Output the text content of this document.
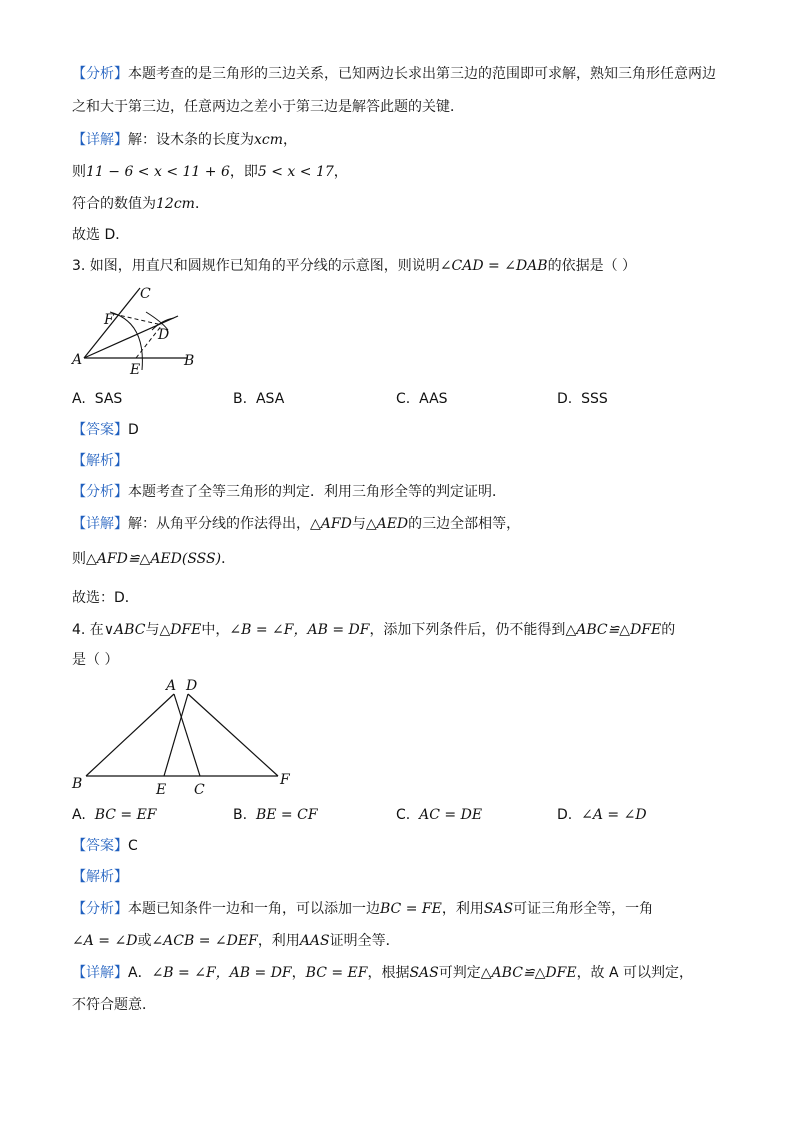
【分析】本题考查的是三角形的三边关系，已知两边长求出第三边的范围即可求解，熟知三角形任意两边
之和大于第三边，任意两边之差小于第三边是解答此题的关键．
【详解】解：设木条的长度为xcm，
则11 − 6 < x < 11 + 6，即5 < x < 17，
符合的数值为12cm．
故选 D．
3. 如图，用直尺和圆规作已知角的平分线的示意图，则说明∠CAD = ∠DAB的依据是（ ）
C
F
D
A
E
B
A. SAS	B. ASA	C. AAS	D. SSS
【答案】D
【解析】
【分析】本题考查了全等三角形的判定．利用三角形全等的判定证明．
【详解】解：从角平分线的作法得出，△AFD与△AED的三边全部相等，
则△AFD≌△AED(SSS)．
故选：D．
4. 在∨ABC与△DFE中，∠B = ∠F，AB = DF，添加下列条件后，仍不能得到△ABC≌△DFE的
是（ ）
A D
B	E C
F
A. BC = EF	B. BE = CF	C. AC = DE	D. ∠A = ∠D
【答案】C
【解析】
【分析】本题已知条件一边和一角，可以添加一边BC = FE，利用SAS可证三角形全等，一角
∠A = ∠D或∠ACB = ∠DEF，利用AAS证明全等．
【详解】A．∠B = ∠F，AB = DF，BC = EF，根据SAS可判定△ABC≌△DFE，故 A 可以判定，
不符合题意．
